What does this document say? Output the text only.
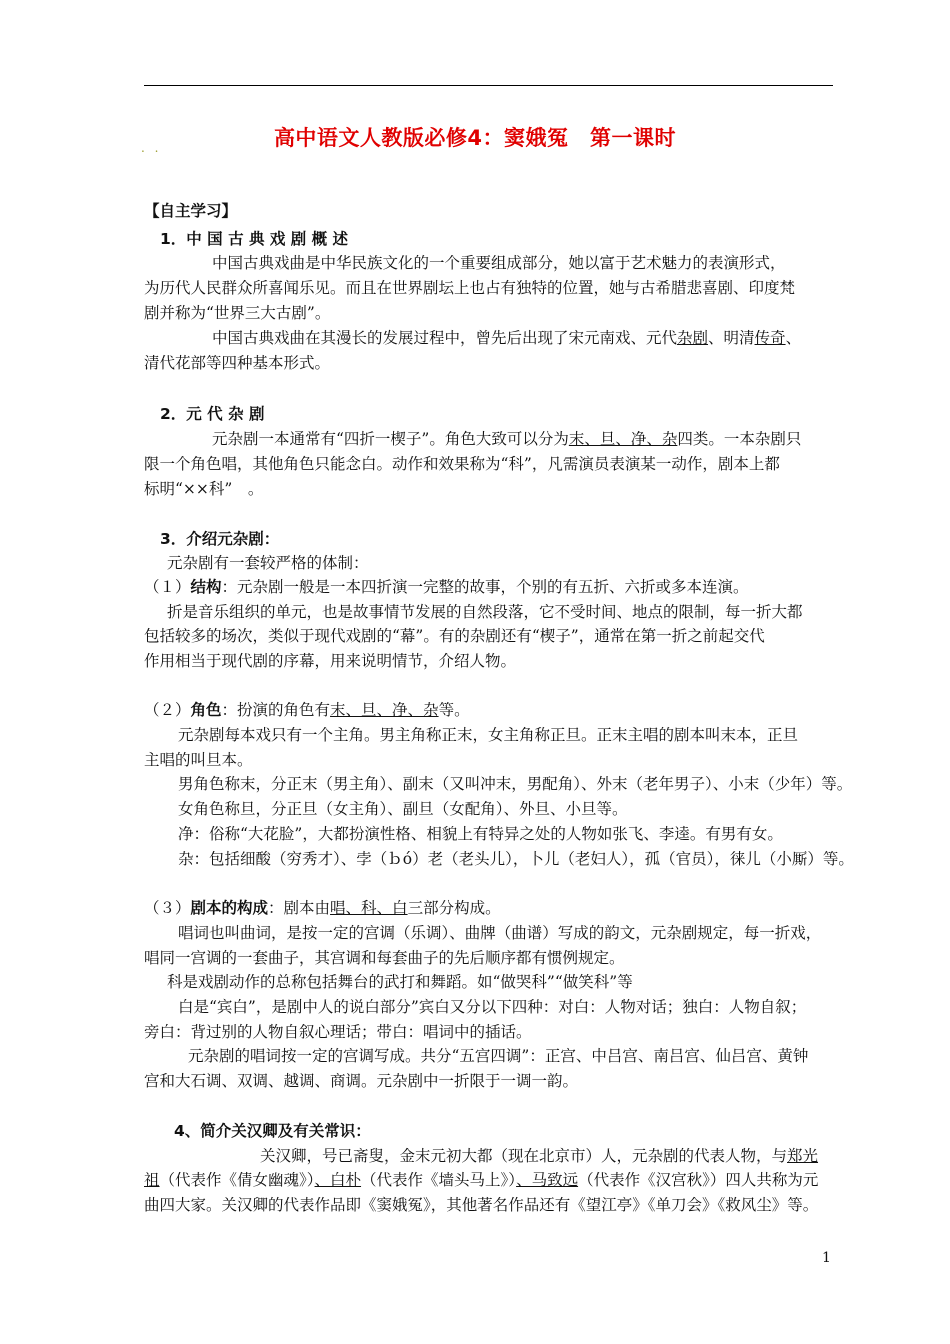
. .	高中语文人教版必修4：窦娥冤　第一课时
【自主学习】
1．中 国 古 典 戏 剧 概 述
中国古典戏曲是中华民族文化的一个重要组成部分，她以富于艺术魅力的表演形式，
为历代人民群众所喜闻乐见。而且在世界剧坛上也占有独特的位置，她与古希腊悲喜剧、印度梵
剧并称为“世界三大古剧”。
中国古典戏曲在其漫长的发展过程中，曾先后出现了宋元南戏、元代杂剧、明清传奇、
清代花部等四种基本形式。
2．元 代 杂 剧
元杂剧一本通常有“四折一楔子”。角色大致可以分为末、旦、净、杂四类。一本杂剧只
限一个角色唱，其他角色只能念白。动作和效果称为“科”，凡需演员表演某一动作，剧本上都
标明“××科”　。
3．介绍元杂剧：
元杂剧有一套较严格的体制：
（１）结构：元杂剧一般是一本四折演一完整的故事，个别的有五折、六折或多本连演。
折是音乐组织的单元，也是故事情节发展的自然段落，它不受时间、地点的限制，每一折大都
包括较多的场次，类似于现代戏剧的“幕”。有的杂剧还有“楔子”，通常在第一折之前起交代
作用相当于现代剧的序幕，用来说明情节，介绍人物。
（２）角色：扮演的角色有末、旦、净、杂等。
元杂剧每本戏只有一个主角。男主角称正末，女主角称正旦。正末主唱的剧本叫末本，正旦
主唱的叫旦本。
男角色称末，分正末（男主角）、副末（又叫冲末，男配角）、外末（老年男子）、小末（少年）等。
女角色称旦，分正旦（女主角）、副旦（女配角）、外旦、小旦等。
净：俗称“大花脸”，大都扮演性格、相貌上有特异之处的人物如张飞、李逵。有男有女。
杂：包括细酸（穷秀才）、孛（ｂó）老（老头儿），卜儿（老妇人），孤（官员），徕儿（小厮）等。
（３）剧本的构成：剧本由唱、科、白三部分构成。
唱词也叫曲词，是按一定的宫调（乐调）、曲牌（曲谱）写成的韵文，元杂剧规定，每一折戏，
唱同一宫调的一套曲子，其宫调和每套曲子的先后顺序都有惯例规定。
科是戏剧动作的总称包括舞台的武打和舞蹈。如“做哭科”“做笑科”等
白是“宾白”，是剧中人的说白部分”宾白又分以下四种：对白：人物对话；独白：人物自叙；
旁白：背过别的人物自叙心理话；带白：唱词中的插话。
元杂剧的唱词按一定的宫调写成。共分“五宫四调”：正宫、中吕宫、南吕宫、仙吕宫、黄钟
宫和大石调、双调、越调、商调。元杂剧中一折限于一调一韵。
4、简介关汉卿及有关常识：
关汉卿，号已斋叟，金末元初大都（现在北京市）人，元杂剧的代表人物，与郑光
祖（代表作《倩女幽魂》）、白朴（代表作《墙头马上》）、马致远（代表作《汉宫秋》）四人共称为元
曲四大家。关汉卿的代表作品即《窦娥冤》，其他著名作品还有《望江亭》《单刀会》《救风尘》等。
1
